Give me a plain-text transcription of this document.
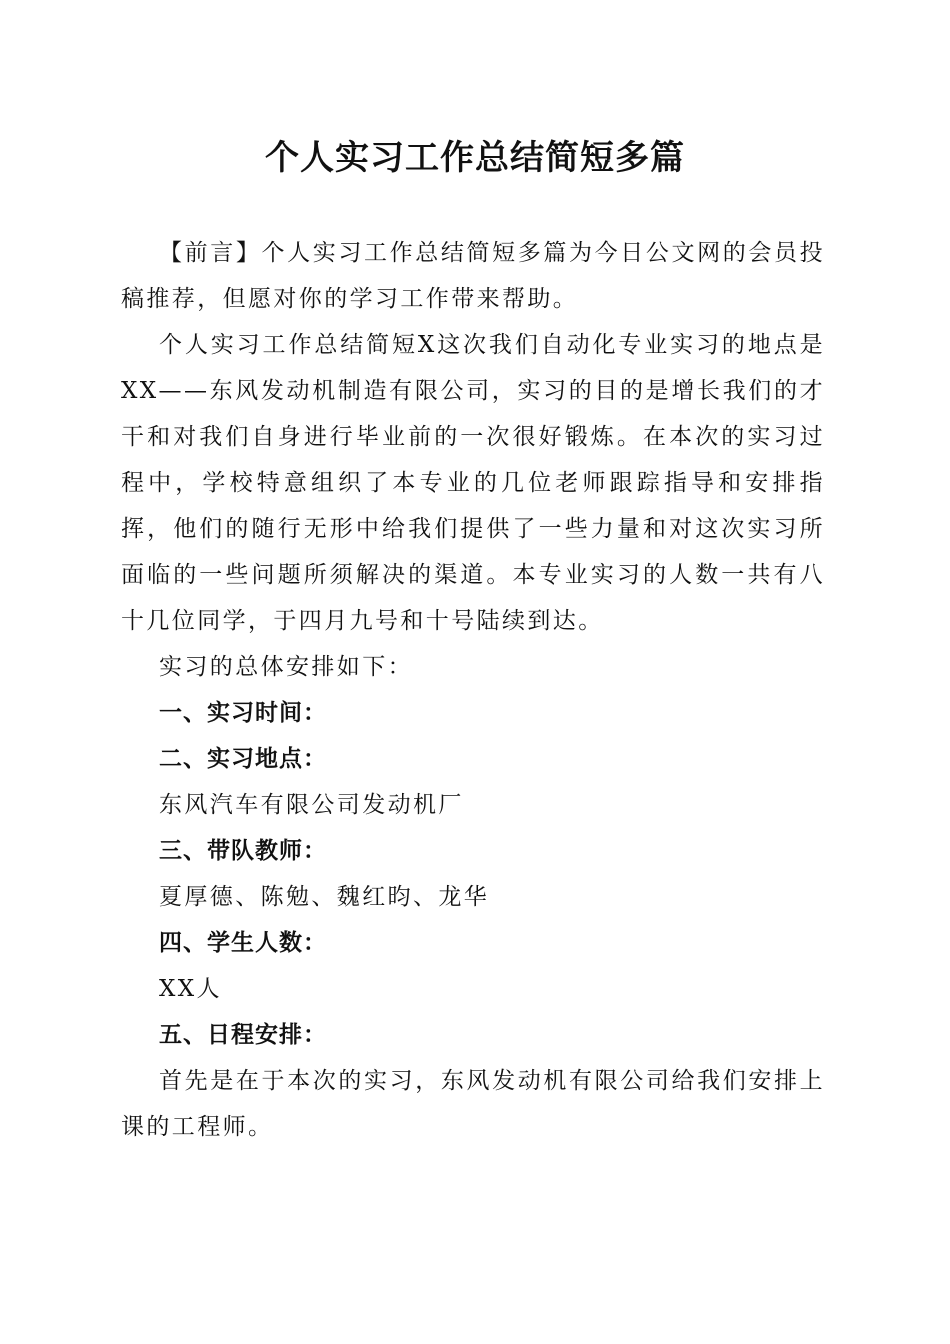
个人实习工作总结简短多篇

【前言】个人实习工作总结简短多篇为今日公文网的会员投稿推荐，但愿对你的学习工作带来帮助。

个人实习工作总结简短X这次我们自动化专业实习的地点是XX——东风发动机制造有限公司，实习的目的是增长我们的才干和对我们自身进行毕业前的一次很好锻炼。在本次的实习过程中，学校特意组织了本专业的几位老师跟踪指导和安排指挥，他们的随行无形中给我们提供了一些力量和对这次实习所面临的一些问题所须解决的渠道。本专业实习的人数一共有八十几位同学，于四月九号和十号陆续到达。

实习的总体安排如下：

一、实习时间：

二、实习地点：

东风汽车有限公司发动机厂

三、带队教师：

夏厚德、陈勉、魏红昀、龙华

四、学生人数：

XX人

五、日程安排：

首先是在于本次的实习，东风发动机有限公司给我们安排上课的工程师。
